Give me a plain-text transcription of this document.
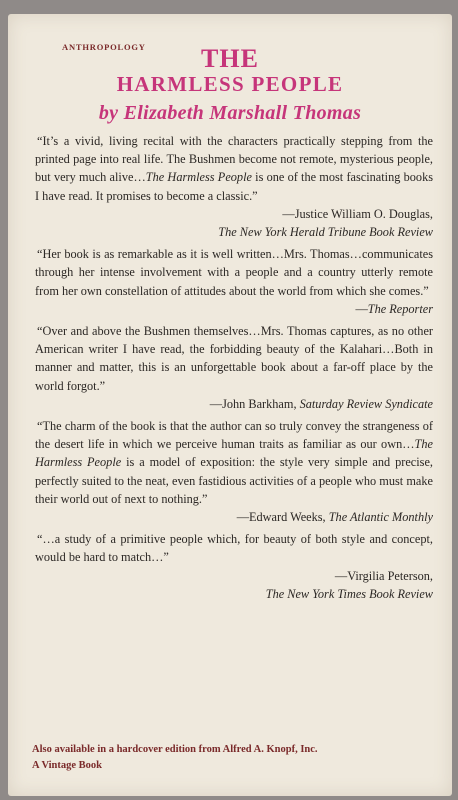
ANTHROPOLOGY	THE
HARMLESS PEOPLE
by Elizabeth Marshall Thomas
“It’s a vivid, living recital with the characters practically stepping from the printed page into real life. The Bushmen become not remote, mysterious people, but very much alive…The Harmless People is one of the most fascinating books I have read. It promises to become a classic.”
—Justice William O. Douglas,
The New York Herald Tribune Book Review
“Her book is as remarkable as it is well written…Mrs. Thomas…communicates through her intense involvement with a people and a country utterly remote from her own constellation of attitudes about the world from which she comes.”
—The Reporter
“Over and above the Bushmen themselves…Mrs. Thomas captures, as no other American writer I have read, the forbidding beauty of the Kalahari…Both in manner and matter, this is an unforgettable book about a far-off place by the world forgot.”
—John Barkham, Saturday Review Syndicate
“The charm of the book is that the author can so truly convey the strangeness of the desert life in which we perceive human traits as familiar as our own…The Harmless People is a model of exposition: the style very simple and precise, perfectly suited to the neat, even fastidious activities of a people who must make their world out of next to nothing.”
—Edward Weeks, The Atlantic Monthly
“…a study of a primitive people which, for beauty of both style and concept, would be hard to match…”
—Virgilia Peterson,
The New York Times Book Review
Also available in a hardcover edition from Alfred A. Knopf, Inc.
A Vintage Book
